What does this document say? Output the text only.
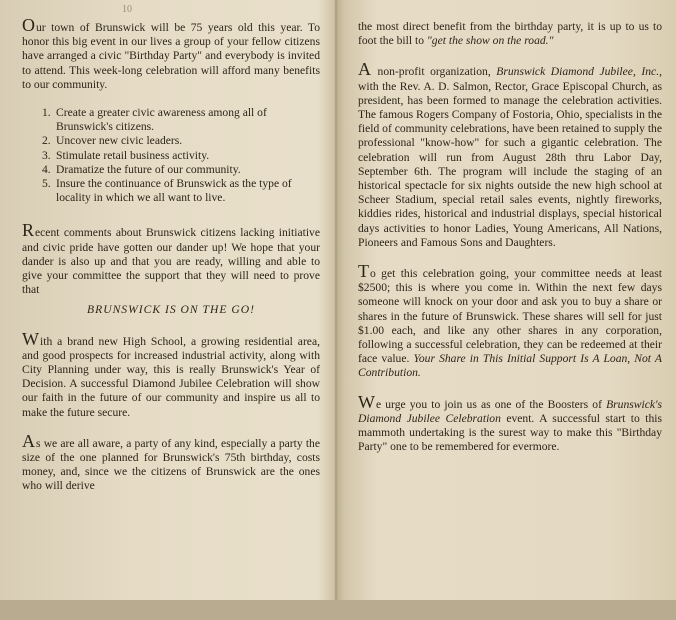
10

Our town of Brunswick will be 75 years old this year. To honor this big event in our lives a group of your fellow citizens have arranged a civic "Birthday Party" and everybody is invited to attend. This week-long celebration will afford many benefits to our community.

1. Create a greater civic awareness among all of Brunswick's citizens.
2. Uncover new civic leaders.
3. Stimulate retail business activity.
4. Dramatize the future of our community.
5. Insure the continuance of Brunswick as the type of locality in which we all want to live.

Recent comments about Brunswick citizens lacking initiative and civic pride have gotten our dander up! We hope that your dander is also up and that you are ready, willing and able to give your committee the support that they will need to prove that

BRUNSWICK IS ON THE GO!

With a brand new High School, a growing residential area, and good prospects for increased industrial activity, along with City Planning under way, this is really Brunswick's Year of Decision. A successful Diamond Jubilee Celebration will show our faith in the future of our community and inspire us all to make the future secure.

As we are all aware, a party of any kind, especially a party the size of the one planned for Brunswick's 75th birthday, costs money, and, since we the citizens of Brunswick are the ones who will derive

the most direct benefit from the birthday party, it is up to us to foot the bill to "get the show on the road."

A non-profit organization, Brunswick Diamond Jubilee, Inc., with the Rev. A. D. Salmon, Rector, Grace Episcopal Church, as president, has been formed to manage the celebration activities. The famous Rogers Company of Fostoria, Ohio, specialists in the field of community celebrations, have been retained to supply the professional "know-how" for such a gigantic celebration. The celebration will run from August 28th thru Labor Day, September 6th. The program will include the staging of an historical spectacle for six nights outside the new high school at Scheer Stadium, special retail sales events, nightly fireworks, kiddies rides, historical and industrial displays, special historical days activities to honor Ladies, Young Americans, All Nations, Pioneers and Famous Sons and Daughters.

To get this celebration going, your committee needs at least $2500; this is where you come in. Within the next few days someone will knock on your door and ask you to buy a share or shares in the future of Brunswick. These shares will sell for just $1.00 each, and like any other shares in any corporation, following a successful celebration, they can be redeemed at their face value. Your Share in This Initial Support Is A Loan, Not A Contribution.

We urge you to join us as one of the Boosters of Brunswick's Diamond Jubilee Celebration event. A successful start to this mammoth undertaking is the surest way to make this "Birthday Party" one to be remembered for evermore.
